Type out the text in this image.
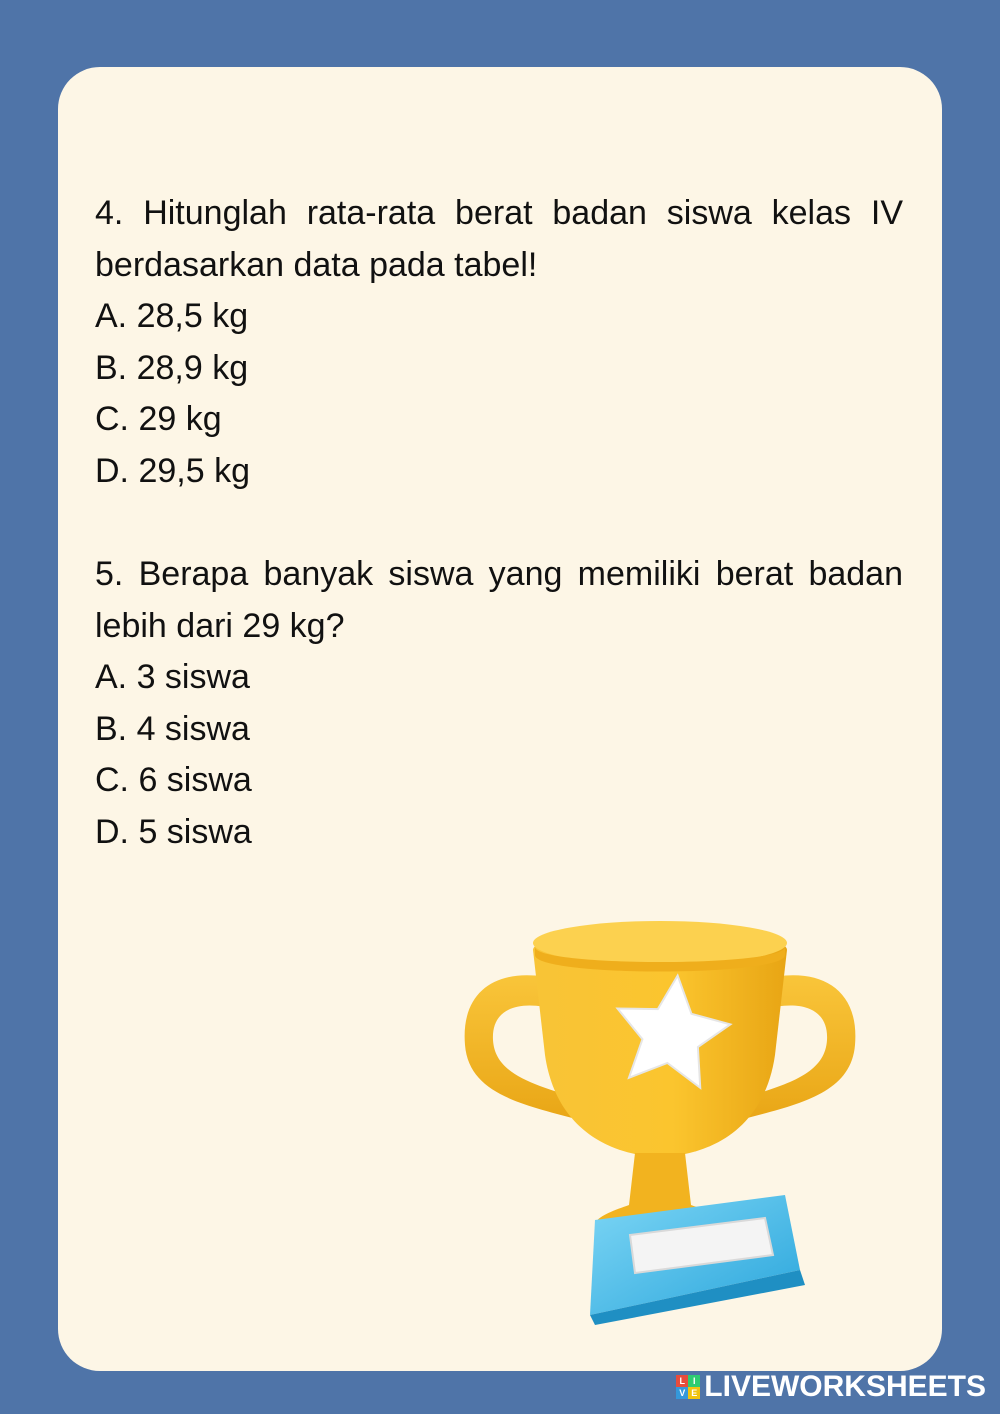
4. Hitunglah rata-rata berat badan siswa kelas IV berdasarkan data pada tabel!

A. 28,5 kg
B. 28,9 kg
C. 29 kg
D. 29,5 kg

5. Berapa banyak siswa yang memiliki berat badan lebih dari 29 kg?

A. 3 siswa
B. 4 siswa
C. 6 siswa
D. 5 siswa
L I
V E LIVEWORKSHEETS
